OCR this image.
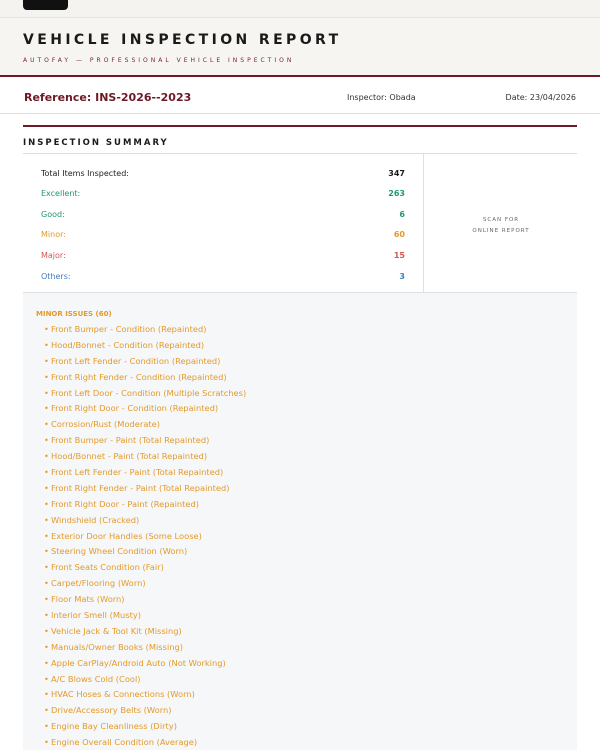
VEHICLE INSPECTION REPORT
AUTOFAY — PROFESSIONAL VEHICLE INSPECTION
Reference: INS-2026--2023	Inspector: Obada	Date: 23/04/2026
INSPECTION SUMMARY
Total Items Inspected:	347
Excellent:	263
Good:	6
Minor:	60
Major:	15
Others:	3
SCAN FOR
ONLINE REPORT
MINOR ISSUES (60)
• Front Bumper - Condition (Repainted)
• Hood/Bonnet - Condition (Repainted)
• Front Left Fender - Condition (Repainted)
• Front Right Fender - Condition (Repainted)
• Front Left Door - Condition (Multiple Scratches)
• Front Right Door - Condition (Repainted)
• Corrosion/Rust (Moderate)
• Front Bumper - Paint (Total Repainted)
• Hood/Bonnet - Paint (Total Repainted)
• Front Left Fender - Paint (Total Repainted)
• Front Right Fender - Paint (Total Repainted)
• Front Right Door - Paint (Repainted)
• Windshield (Cracked)
• Exterior Door Handles (Some Loose)
• Steering Wheel Condition (Worn)
• Front Seats Condition (Fair)
• Carpet/Flooring (Worn)
• Floor Mats (Worn)
• Interior Smell (Musty)
• Vehicle Jack & Tool Kit (Missing)
• Manuals/Owner Books (Missing)
• Apple CarPlay/Android Auto (Not Working)
• A/C Blows Cold (Cool)
• HVAC Hoses & Connections (Worn)
• Drive/Accessory Belts (Worn)
• Engine Bay Cleanliness (Dirty)
• Engine Overall Condition (Average)
